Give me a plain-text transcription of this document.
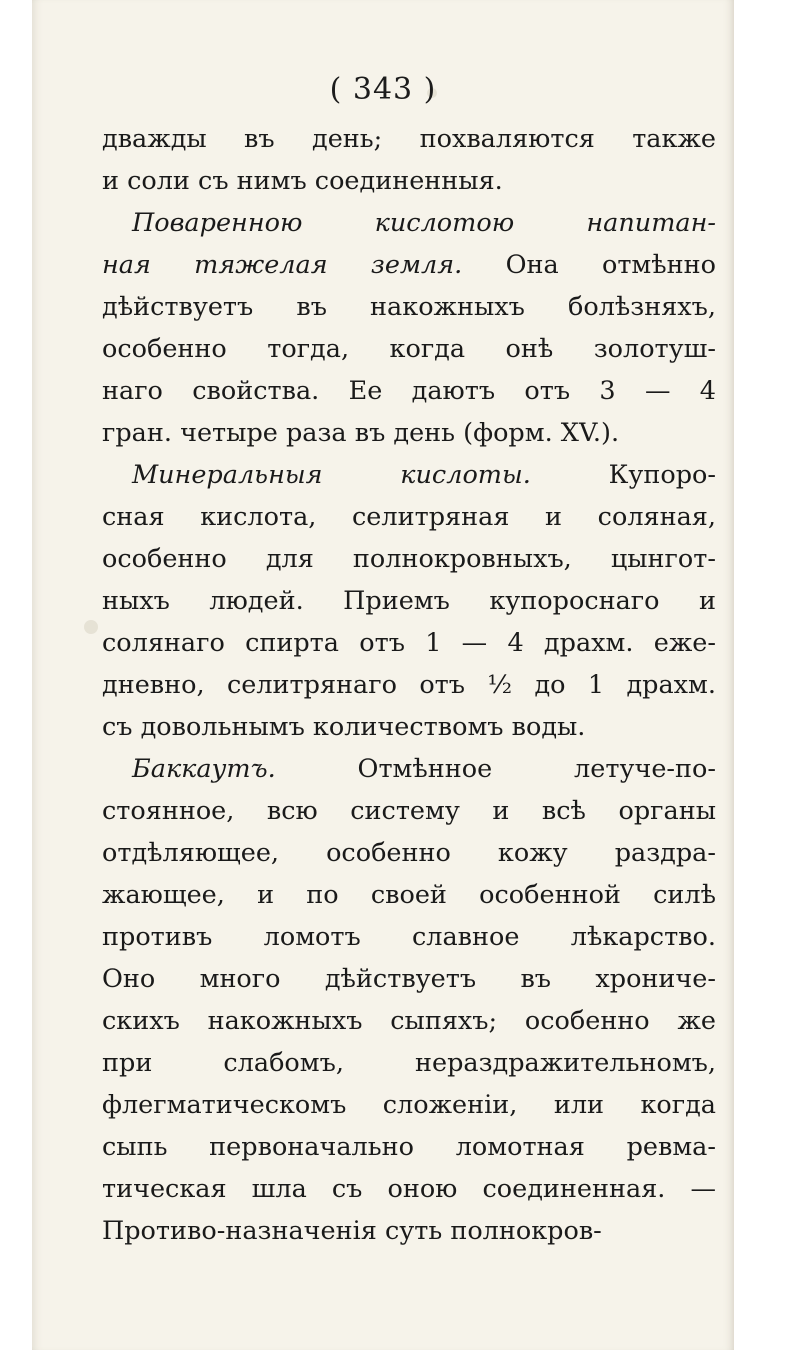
( 343 )
дважды въ день; похваляются также
и соли съ нимъ соединенныя.
Поваренною кислотою напитан-
ная тяжелая земля. Она отмѣнно
дѣйствуетъ въ накожныхъ болѣзняхъ,
особенно тогда, когда онѣ золотуш-
наго свойства. Ее даютъ отъ 3 — 4
гран. четыре раза въ день (форм. XV.).
Минеральныя кислоты. Купоро-
сная кислота, селитряная и соляная,
особенно для полнокровныхъ, цынгот-
ныхъ людей. Приемъ купороснаго и
солянаго спирта отъ 1 — 4 драхм. еже-
дневно, селитрянаго отъ ½ до 1 драхм.
съ довольнымъ количествомъ воды.
Баккаутъ. Отмѣнное летуче-по-
стоянное, всю систему и всѣ органы
отдѣляющее, особенно кожу раздра-
жающее, и по своей особенной силѣ
противъ ломотъ славное лѣкарство.
Оно много дѣйствуетъ въ хрониче-
скихъ накожныхъ сыпяхъ; особенно же
при слабомъ, нераздражительномъ,
флегматическомъ сложенiи, или когда
сыпь первоначально ломотная ревма-
тическая шла съ оною соединенная. —
Противо-назначенiя суть полнокров-
